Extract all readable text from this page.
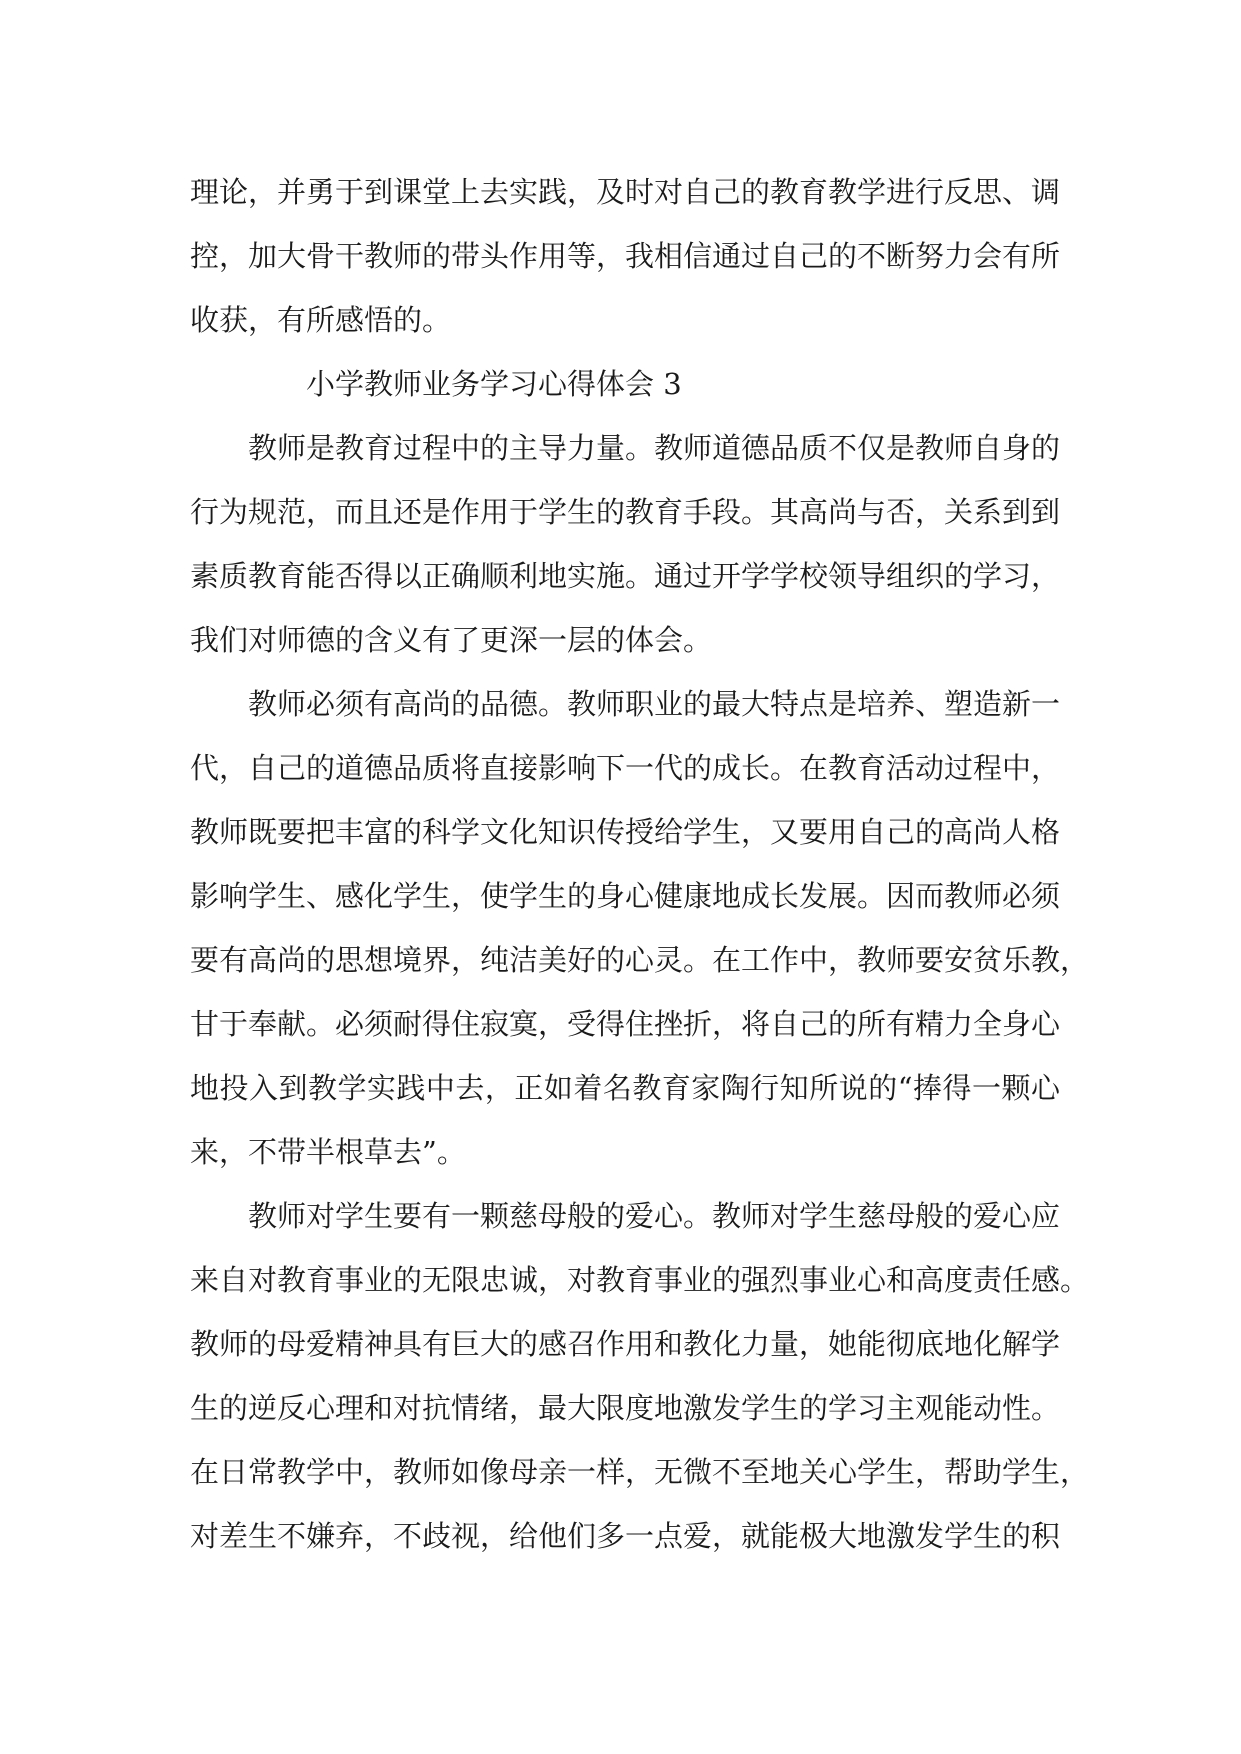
理论，并勇于到课堂上去实践，及时对自己的教育教学进行反思、调
控，加大骨干教师的带头作用等，我相信通过自己的不断努力会有所
收获，有所感悟的。
小学教师业务学习心得体会 3
教师是教育过程中的主导力量。教师道德品质不仅是教师自身的
行为规范，而且还是作用于学生的教育手段。其高尚与否，关系到到
素质教育能否得以正确顺利地实施。通过开学学校领导组织的学习，
我们对师德的含义有了更深一层的体会。
教师必须有高尚的品德。教师职业的最大特点是培养、塑造新一
代，自己的道德品质将直接影响下一代的成长。在教育活动过程中，
教师既要把丰富的科学文化知识传授给学生，又要用自己的高尚人格
影响学生、感化学生，使学生的身心健康地成长发展。因而教师必须
要有高尚的思想境界，纯洁美好的心灵。在工作中，教师要安贫乐教，
甘于奉献。必须耐得住寂寞，受得住挫折，将自己的所有精力全身心
地投入到教学实践中去，正如着名教育家陶行知所说的“捧得一颗心
来，不带半根草去”。
教师对学生要有一颗慈母般的爱心。教师对学生慈母般的爱心应
来自对教育事业的无限忠诚，对教育事业的强烈事业心和高度责任感。
教师的母爱精神具有巨大的感召作用和教化力量，她能彻底地化解学
生的逆反心理和对抗情绪，最大限度地激发学生的学习主观能动性。
在日常教学中，教师如像母亲一样，无微不至地关心学生，帮助学生，
对差生不嫌弃，不歧视，给他们多一点爱，就能极大地激发学生的积
